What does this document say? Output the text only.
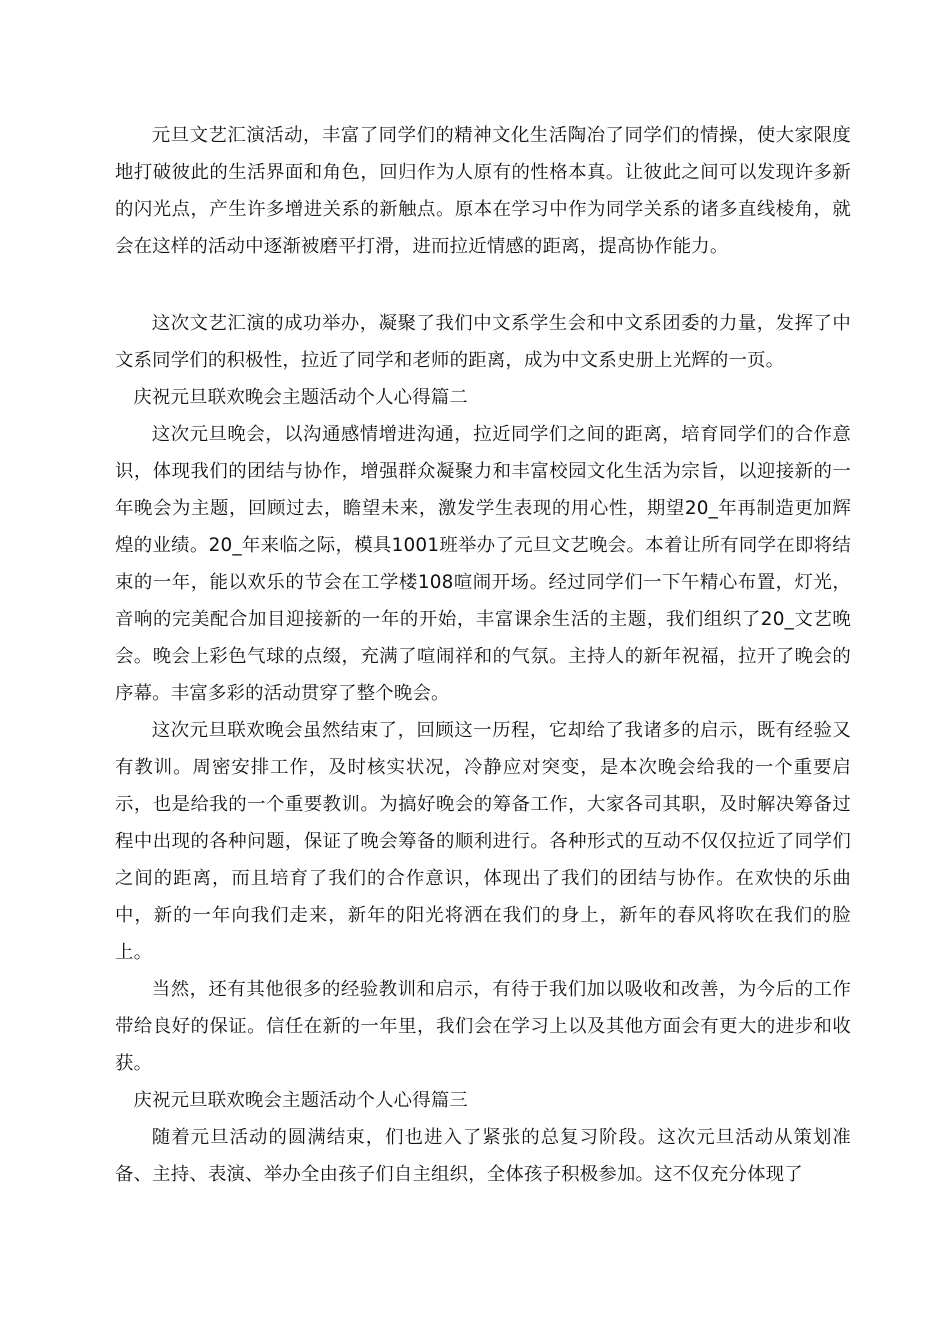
元旦文艺汇演活动，丰富了同学们的精神文化生活陶冶了同学们的情操，使大家限度地打破彼此的生活界面和角色，回归作为人原有的性格本真。让彼此之间可以发现许多新的闪光点，产生许多增进关系的新触点。原本在学习中作为同学关系的诸多直线棱角，就会在这样的活动中逐渐被磨平打滑，进而拉近情感的距离，提高协作能力。

这次文艺汇演的成功举办，凝聚了我们中文系学生会和中文系团委的力量，发挥了中文系同学们的积极性，拉近了同学和老师的距离，成为中文系史册上光辉的一页。

庆祝元旦联欢晚会主题活动个人心得篇二

这次元旦晚会，以沟通感情增进沟通，拉近同学们之间的距离，培育同学们的合作意识，体现我们的团结与协作，增强群众凝聚力和丰富校园文化生活为宗旨，以迎接新的一年晚会为主题，回顾过去，瞻望未来，激发学生表现的用心性，期望20_年再制造更加辉煌的业绩。20_年来临之际，模具1001班举办了元旦文艺晚会。本着让所有同学在即将结束的一年，能以欢乐的节会在工学楼108喧闹开场。经过同学们一下午精心布置，灯光，音响的完美配合加目迎接新的一年的开始，丰富课余生活的主题，我们组织了20_文艺晚会。晚会上彩色气球的点缀，充满了喧闹祥和的气氛。主持人的新年祝福，拉开了晚会的序幕。丰富多彩的活动贯穿了整个晚会。

这次元旦联欢晚会虽然结束了，回顾这一历程，它却给了我诸多的启示，既有经验又有教训。周密安排工作，及时核实状况，冷静应对突变，是本次晚会给我的一个重要启示，也是给我的一个重要教训。为搞好晚会的筹备工作，大家各司其职，及时解决筹备过程中出现的各种问题，保证了晚会筹备的顺利进行。各种形式的互动不仅仅拉近了同学们之间的距离，而且培育了我们的合作意识，体现出了我们的团结与协作。在欢快的乐曲中，新的一年向我们走来，新年的阳光将洒在我们的身上，新年的春风将吹在我们的脸上。

当然，还有其他很多的经验教训和启示，有待于我们加以吸收和改善，为今后的工作带给良好的保证。信任在新的一年里，我们会在学习上以及其他方面会有更大的进步和收获。

庆祝元旦联欢晚会主题活动个人心得篇三

随着元旦活动的圆满结束，们也进入了紧张的总复习阶段。这次元旦活动从策划准备、主持、表演、举办全由孩子们自主组织，全体孩子积极参加。这不仅充分体现了
